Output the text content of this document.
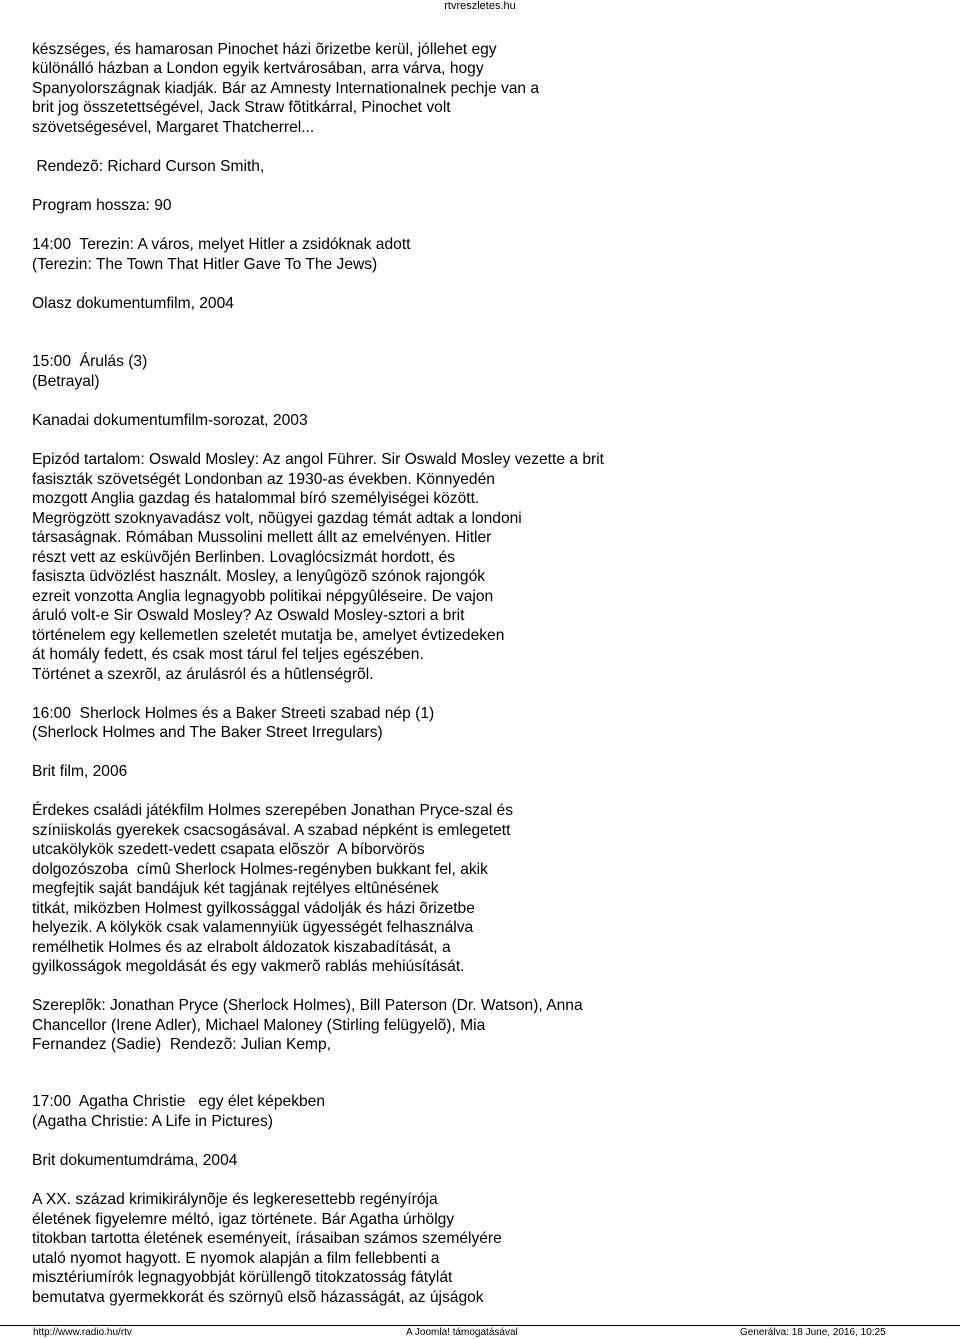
rtvreszletes.hu
készséges, és hamarosan Pinochet házi õrizetbe kerül, jóllehet egy
különálló házban a London egyik kertvárosában, arra várva, hogy
Spanyolországnak kiadják. Bár az Amnesty Internationalnek pechje van a
brit jog összetettségével, Jack Straw fõtitkárral, Pinochet volt
szövetségesével, Margaret Thatcherrel...
Rendezõ: Richard Curson Smith,
Program hossza: 90
14:00  Terezin: A város, melyet Hitler a zsidóknak adott
(Terezin: The Town That Hitler Gave To The Jews)
Olasz dokumentumfilm, 2004
15:00  Árulás (3)
(Betrayal)
Kanadai dokumentumfilm-sorozat, 2003
Epizód tartalom: Oswald Mosley: Az angol Führer. Sir Oswald Mosley vezette a brit
fasiszták szövetségét Londonban az 1930-as években. Könnyedén
mozgott Anglia gazdag és hatalommal bíró személyiségei között.
Megrögzött szoknyavadász volt, nõügyei gazdag témát adtak a londoni
társaságnak. Rómában Mussolini mellett állt az emelvényen. Hitler
részt vett az esküvõjén Berlinben. Lovaglócsizmát hordott, és
fasiszta üdvözlést használt. Mosley, a lenyûgözõ szónok rajongók
ezreit vonzotta Anglia legnagyobb politikai népgyûléseire. De vajon
áruló volt-e Sir Oswald Mosley? Az Oswald Mosley-sztori a brit
történelem egy kellemetlen szeletét mutatja be, amelyet évtizedeken
át homály fedett, és csak most tárul fel teljes egészében.
Történet a szexrõl, az árulásról és a hûtlenségrõl.
16:00  Sherlock Holmes és a Baker Streeti szabad nép (1)
(Sherlock Holmes and The Baker Street Irregulars)
Brit film, 2006
Érdekes családi játékfilm Holmes szerepében Jonathan Pryce-szal és
színiiskolás gyerekek csacsogásával. A szabad népként is emlegetett
utcakölykök szedett-vedett csapata elõször  A bíborvörös
dolgozószoba  címû Sherlock Holmes-regényben bukkant fel, akik
megfejtik saját bandájuk két tagjának rejtélyes eltûnésének
titkát, miközben Holmest gyilkossággal vádolják és házi õrizetbe
helyezik. A kölykök csak valamennyiük ügyességét felhasználva
remélhetik Holmes és az elrabolt áldozatok kiszabadítását, a
gyilkosságok megoldását és egy vakmerõ rablás mehiúsítását.
Szereplõk: Jonathan Pryce (Sherlock Holmes), Bill Paterson (Dr. Watson), Anna
Chancellor (Irene Adler), Michael Maloney (Stirling felügyelõ), Mia
Fernandez (Sadie)  Rendezõ: Julian Kemp,
17:00  Agatha Christie   egy élet képekben
(Agatha Christie: A Life in Pictures)
Brit dokumentumdráma, 2004
A XX. század krimikirálynõje és legkeresettebb regényírója
életének figyelemre méltó, igaz története. Bár Agatha úrhölgy
titokban tartotta életének eseményeit, írásaiban számos személyére
utaló nyomot hagyott. E nyomok alapján a film fellebbenti a
misztériumírók legnagyobbját körüllengõ titokzatosság fátylát
bemutatva gyermekkorát és szörnyû elsõ házasságát, az újságok
http://www.radio.hu/rtv	A Joomla! támogatásával	Generálva: 18 June, 2016, 10:25
